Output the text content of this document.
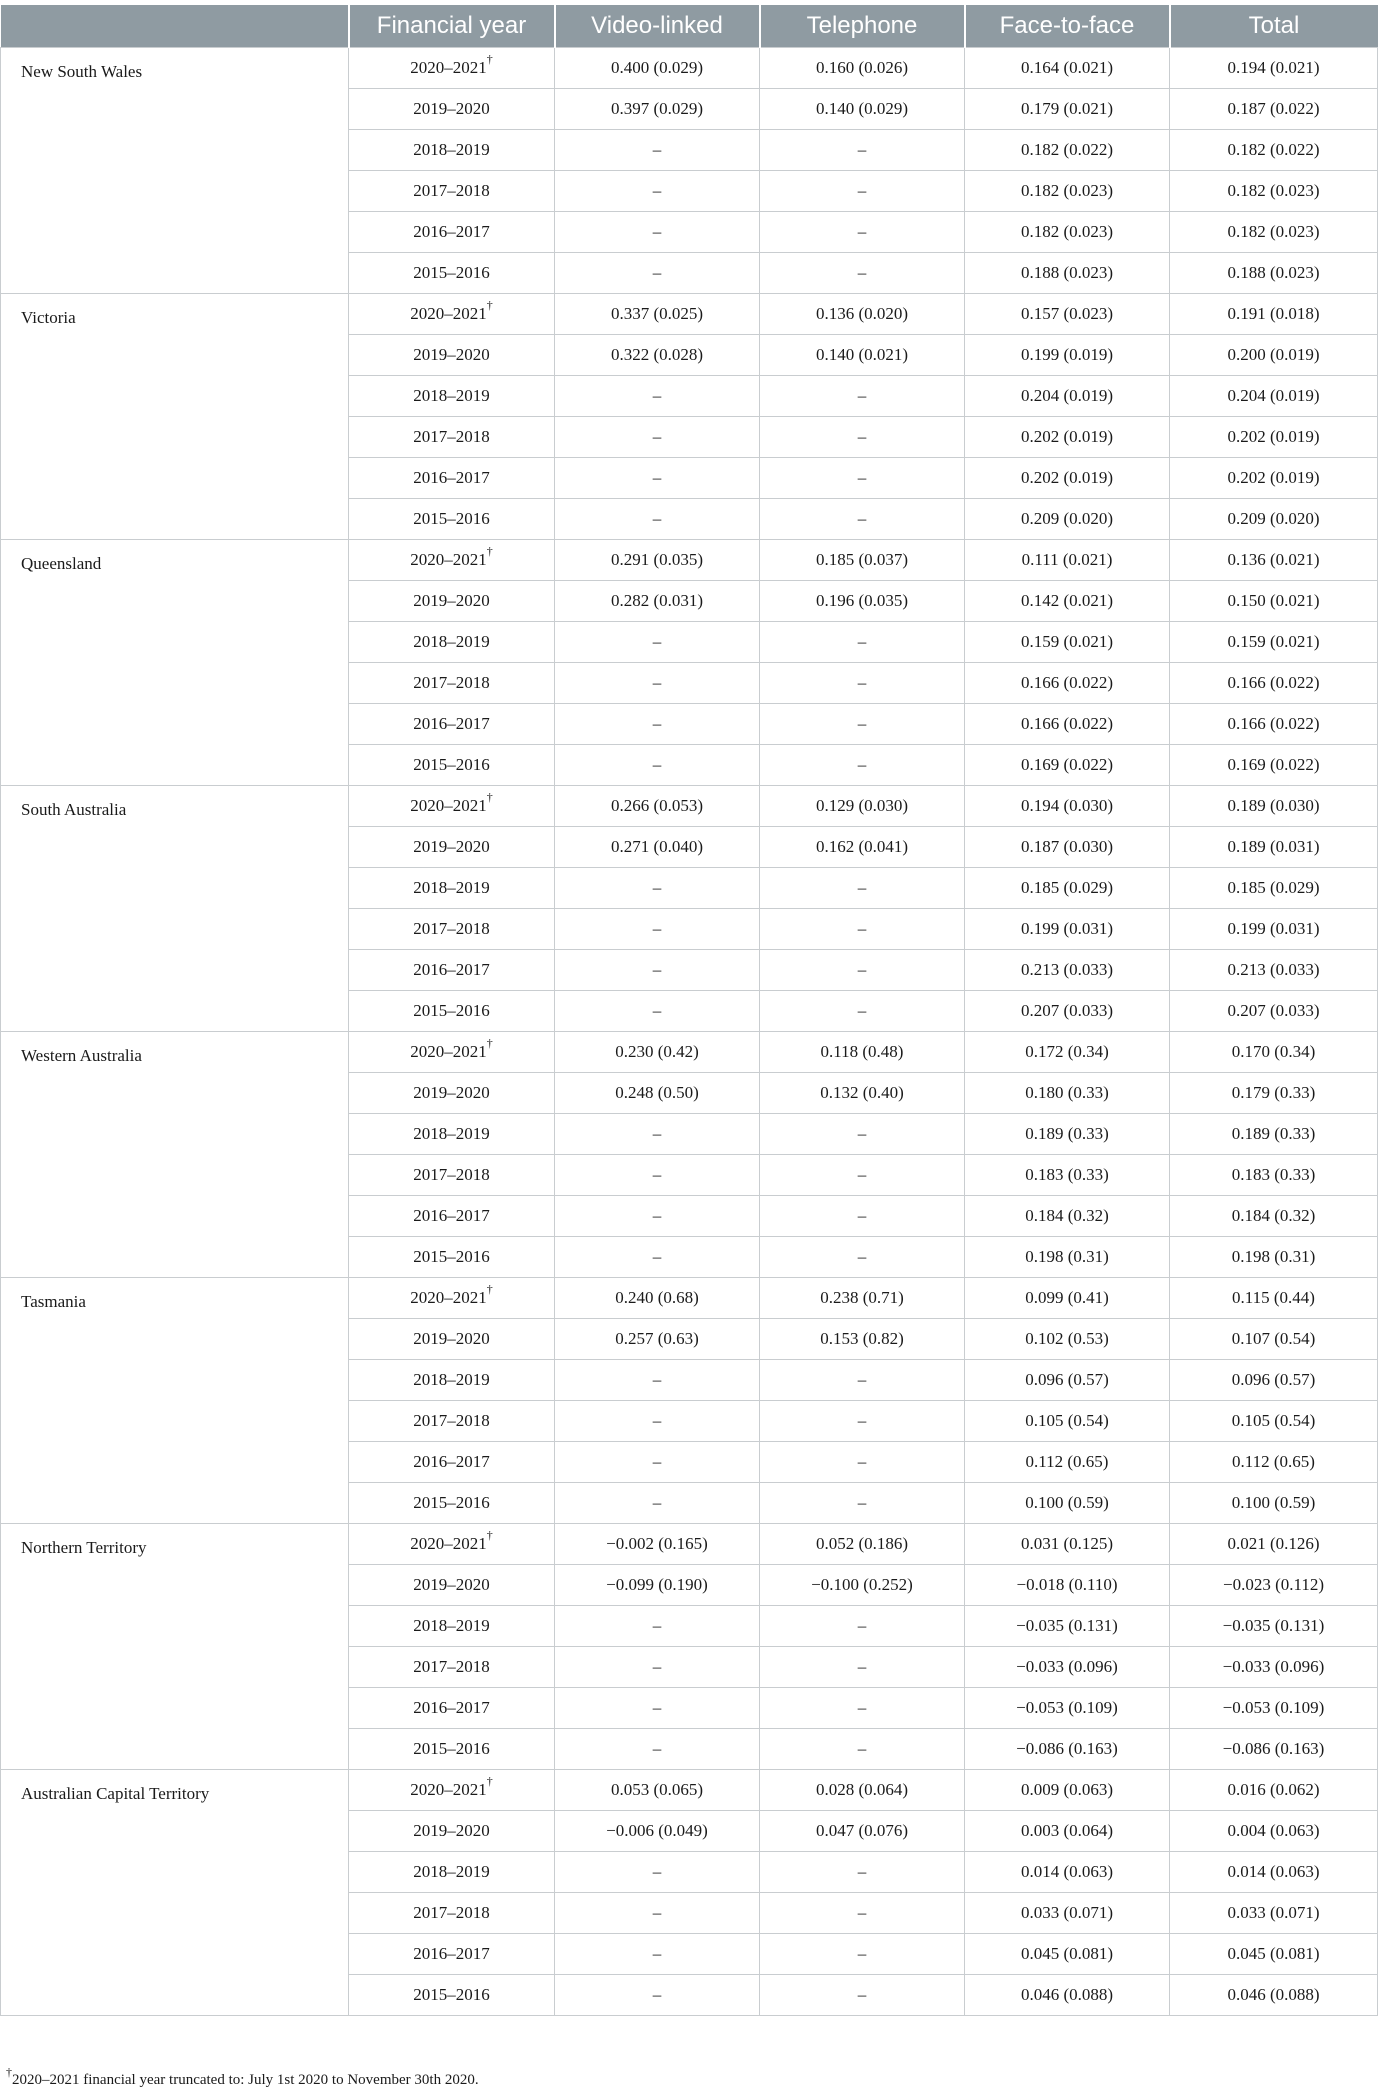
	Financial year	Video-linked	Telephone	Face-to-face	Total
New South Wales	2020–2021†	0.400 (0.029)	0.160 (0.026)	0.164 (0.021)	0.194 (0.021)
	2019–2020	0.397 (0.029)	0.140 (0.029)	0.179 (0.021)	0.187 (0.022)
	2018–2019	–	–	0.182 (0.022)	0.182 (0.022)
	2017–2018	–	–	0.182 (0.023)	0.182 (0.023)
	2016–2017	–	–	0.182 (0.023)	0.182 (0.023)
	2015–2016	–	–	0.188 (0.023)	0.188 (0.023)
Victoria	2020–2021†	0.337 (0.025)	0.136 (0.020)	0.157 (0.023)	0.191 (0.018)
	2019–2020	0.322 (0.028)	0.140 (0.021)	0.199 (0.019)	0.200 (0.019)
	2018–2019	–	–	0.204 (0.019)	0.204 (0.019)
	2017–2018	–	–	0.202 (0.019)	0.202 (0.019)
	2016–2017	–	–	0.202 (0.019)	0.202 (0.019)
	2015–2016	–	–	0.209 (0.020)	0.209 (0.020)
Queensland	2020–2021†	0.291 (0.035)	0.185 (0.037)	0.111 (0.021)	0.136 (0.021)
	2019–2020	0.282 (0.031)	0.196 (0.035)	0.142 (0.021)	0.150 (0.021)
	2018–2019	–	–	0.159 (0.021)	0.159 (0.021)
	2017–2018	–	–	0.166 (0.022)	0.166 (0.022)
	2016–2017	–	–	0.166 (0.022)	0.166 (0.022)
	2015–2016	–	–	0.169 (0.022)	0.169 (0.022)
South Australia	2020–2021†	0.266 (0.053)	0.129 (0.030)	0.194 (0.030)	0.189 (0.030)
	2019–2020	0.271 (0.040)	0.162 (0.041)	0.187 (0.030)	0.189 (0.031)
	2018–2019	–	–	0.185 (0.029)	0.185 (0.029)
	2017–2018	–	–	0.199 (0.031)	0.199 (0.031)
	2016–2017	–	–	0.213 (0.033)	0.213 (0.033)
	2015–2016	–	–	0.207 (0.033)	0.207 (0.033)
Western Australia	2020–2021†	0.230 (0.42)	0.118 (0.48)	0.172 (0.34)	0.170 (0.34)
	2019–2020	0.248 (0.50)	0.132 (0.40)	0.180 (0.33)	0.179 (0.33)
	2018–2019	–	–	0.189 (0.33)	0.189 (0.33)
	2017–2018	–	–	0.183 (0.33)	0.183 (0.33)
	2016–2017	–	–	0.184 (0.32)	0.184 (0.32)
	2015–2016	–	–	0.198 (0.31)	0.198 (0.31)
Tasmania	2020–2021†	0.240 (0.68)	0.238 (0.71)	0.099 (0.41)	0.115 (0.44)
	2019–2020	0.257 (0.63)	0.153 (0.82)	0.102 (0.53)	0.107 (0.54)
	2018–2019	–	–	0.096 (0.57)	0.096 (0.57)
	2017–2018	–	–	0.105 (0.54)	0.105 (0.54)
	2016–2017	–	–	0.112 (0.65)	0.112 (0.65)
	2015–2016	–	–	0.100 (0.59)	0.100 (0.59)
Northern Territory	2020–2021†	−0.002 (0.165)	0.052 (0.186)	0.031 (0.125)	0.021 (0.126)
	2019–2020	−0.099 (0.190)	−0.100 (0.252)	−0.018 (0.110)	−0.023 (0.112)
	2018–2019	–	–	−0.035 (0.131)	−0.035 (0.131)
	2017–2018	–	–	−0.033 (0.096)	−0.033 (0.096)
	2016–2017	–	–	−0.053 (0.109)	−0.053 (0.109)
	2015–2016	–	–	−0.086 (0.163)	−0.086 (0.163)
Australian Capital Territory	2020–2021†	0.053 (0.065)	0.028 (0.064)	0.009 (0.063)	0.016 (0.062)
	2019–2020	−0.006 (0.049)	0.047 (0.076)	0.003 (0.064)	0.004 (0.063)
	2018–2019	–	–	0.014 (0.063)	0.014 (0.063)
	2017–2018	–	–	0.033 (0.071)	0.033 (0.071)
	2016–2017	–	–	0.045 (0.081)	0.045 (0.081)
	2015–2016	–	–	0.046 (0.088)	0.046 (0.088)
†2020–2021 financial year truncated to: July 1st 2020 to November 30th 2020.
